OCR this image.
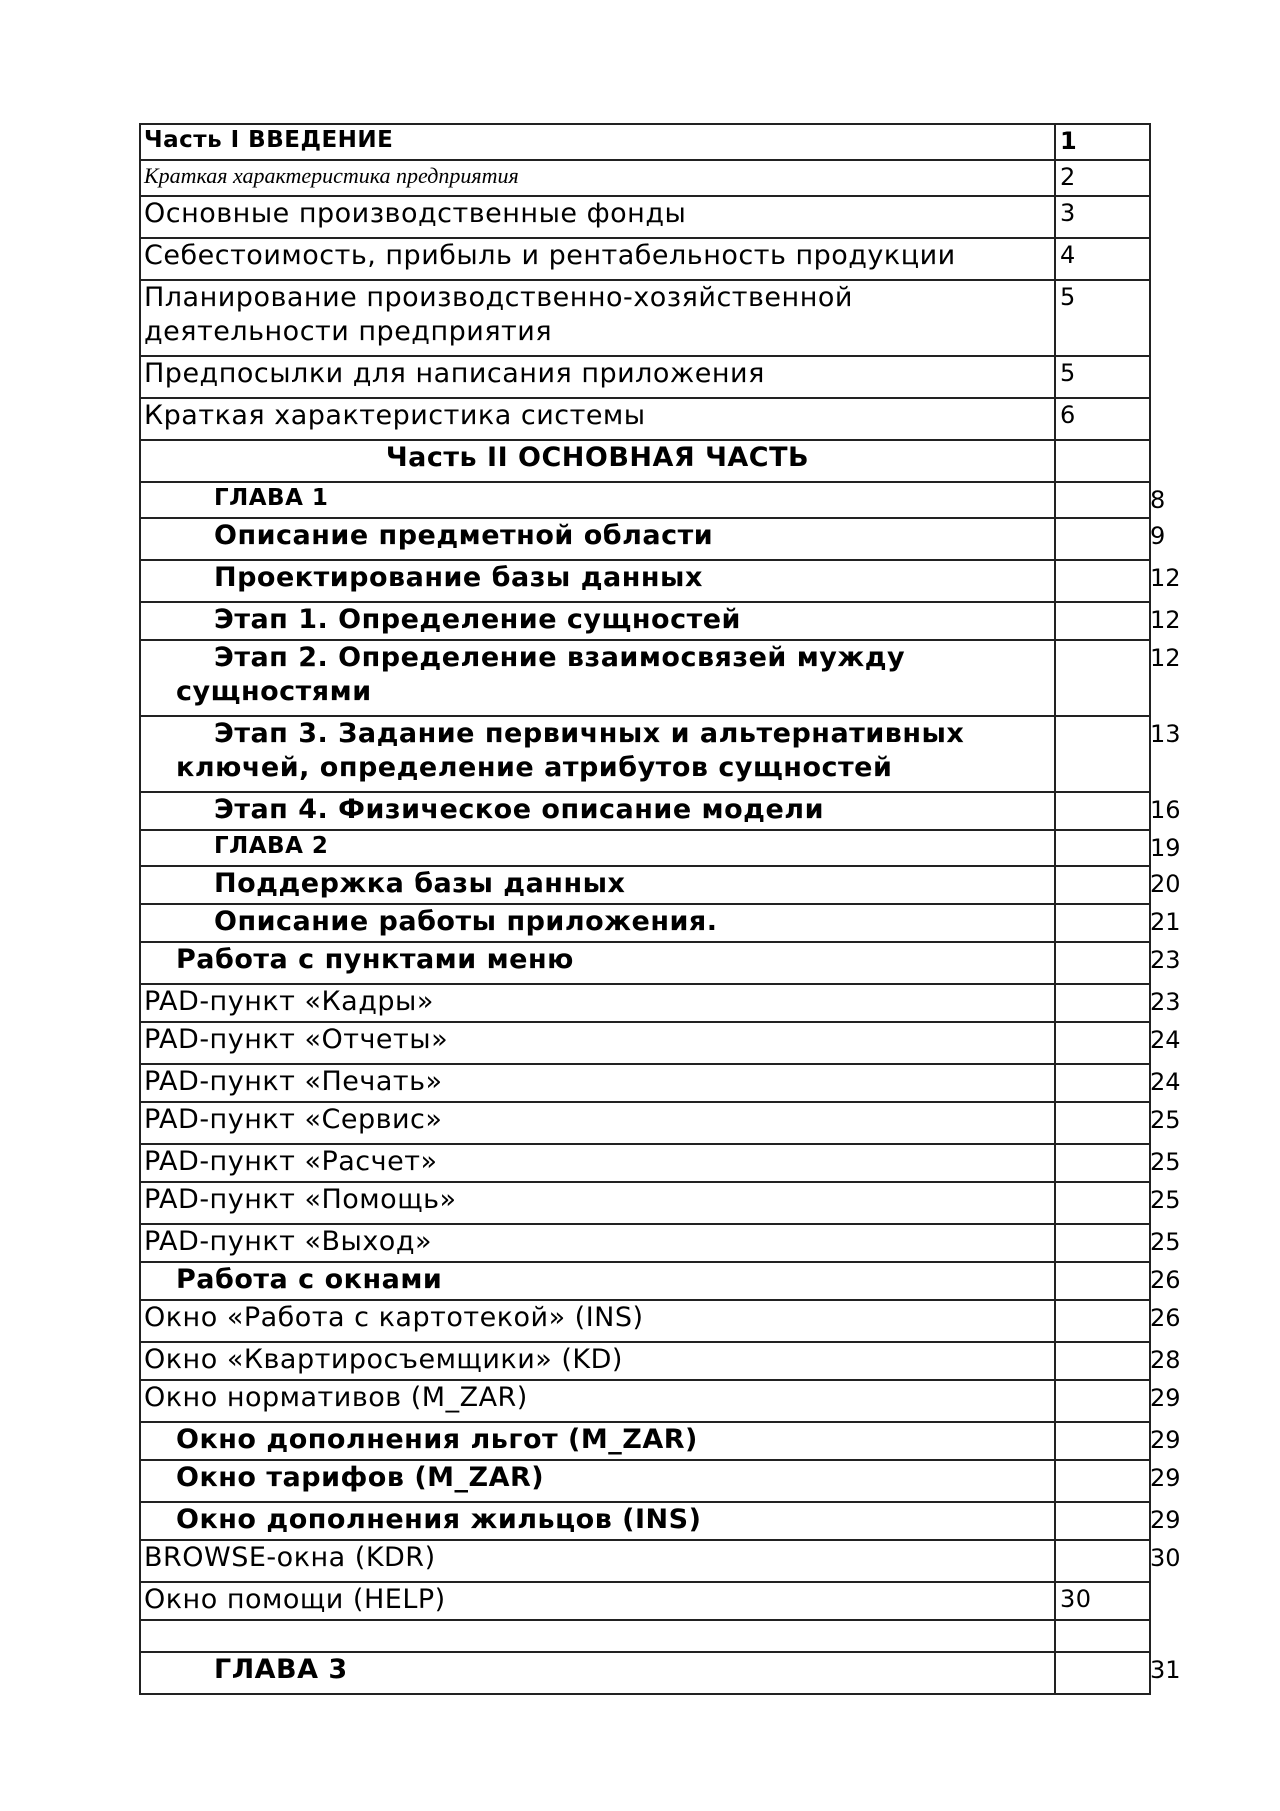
Часть I ВВЕДЕНИЕ	1
Краткая характеристика предприятия	2
Основные производственные фонды	3
Себестоимость, прибыль и рентабельность продукции	4
Планирование производственно-хозяйственной деятельности предприятия	5
Предпосылки для написания приложения	5
Краткая характеристика системы	6
Часть II ОСНОВНАЯ ЧАСТЬ	
ГЛАВА 1	8

Описание предметной области	9

Проектирование базы данных	12

Этап 1. Определение сущностей	12

Этап 2. Определение взаимосвязей мужду сущностями	12

Этап 3. Задание первичных и альтернативных ключей, определение атрибутов сущностей	13

Этап 4. Физическое описание модели	16

ГЛАВА 2	19

Поддержка базы данных	20

Описание работы приложения.	21

Работа с пунктами меню	23

PAD-пункт «Кадры»	23

PAD-пункт «Отчеты»	24

PAD-пункт «Печать»	24

PAD-пункт «Сервис»	25

PAD-пункт «Расчет»	25

PAD-пункт «Помощь»	25

PAD-пункт «Выход»	25

Работа с окнами	26

Окно «Работа с картотекой» (INS)	26

Окно «Квартиросъемщики» (KD)	28

Окно нормативов (M_ZAR)	29

Окно дополнения льгот (M_ZAR)	29

Окно тарифов (M_ZAR)	29

Окно дополнения жильцов (INS)	29

BROWSE-окна (KDR)	30

Окно помощи (HELP)	30

ГЛАВА 3	31
